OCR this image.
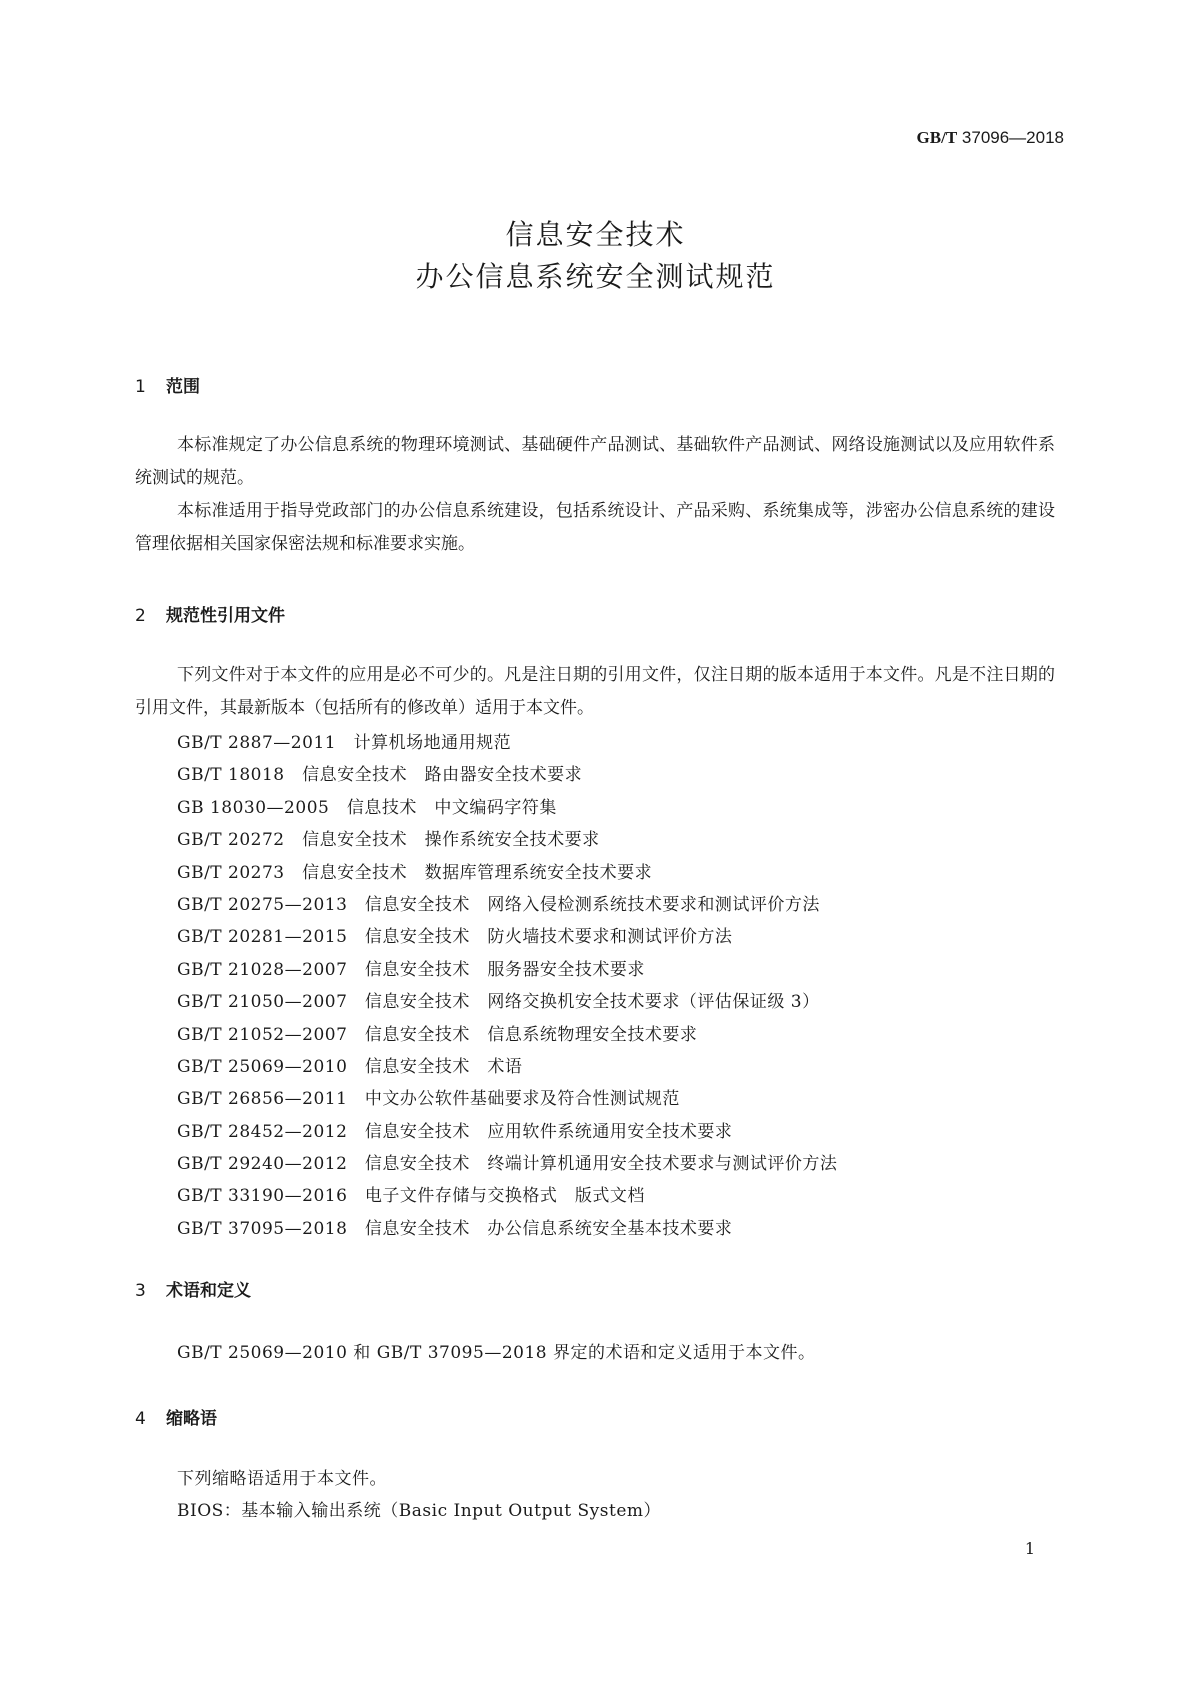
GB/T 37096—2018
信息安全技术
办公信息系统安全测试规范
1 范围
本标准规定了办公信息系统的物理环境测试、基础硬件产品测试、基础软件产品测试、网络设施测试以及应用软件系统测试的规范。
本标准适用于指导党政部门的办公信息系统建设，包括系统设计、产品采购、系统集成等，涉密办公信息系统的建设管理依据相关国家保密法规和标准要求实施。
2 规范性引用文件
下列文件对于本文件的应用是必不可少的。凡是注日期的引用文件，仅注日期的版本适用于本文件。凡是不注日期的引用文件，其最新版本（包括所有的修改单）适用于本文件。
GB/T 2887—2011　计算机场地通用规范
GB/T 18018　信息安全技术　路由器安全技术要求
GB 18030—2005　信息技术　中文编码字符集
GB/T 20272　信息安全技术　操作系统安全技术要求
GB/T 20273　信息安全技术　数据库管理系统安全技术要求
GB/T 20275—2013　信息安全技术　网络入侵检测系统技术要求和测试评价方法
GB/T 20281—2015　信息安全技术　防火墙技术要求和测试评价方法
GB/T 21028—2007　信息安全技术　服务器安全技术要求
GB/T 21050—2007　信息安全技术　网络交换机安全技术要求（评估保证级 3）
GB/T 21052—2007　信息安全技术　信息系统物理安全技术要求
GB/T 25069—2010　信息安全技术　术语
GB/T 26856—2011　中文办公软件基础要求及符合性测试规范
GB/T 28452—2012　信息安全技术　应用软件系统通用安全技术要求
GB/T 29240—2012　信息安全技术　终端计算机通用安全技术要求与测试评价方法
GB/T 33190—2016　电子文件存储与交换格式　版式文档
GB/T 37095—2018　信息安全技术　办公信息系统安全基本技术要求
3 术语和定义
GB/T 25069—2010 和 GB/T 37095—2018 界定的术语和定义适用于本文件。
4 缩略语
下列缩略语适用于本文件。
BIOS：基本输入输出系统（Basic Input Output System）
1
